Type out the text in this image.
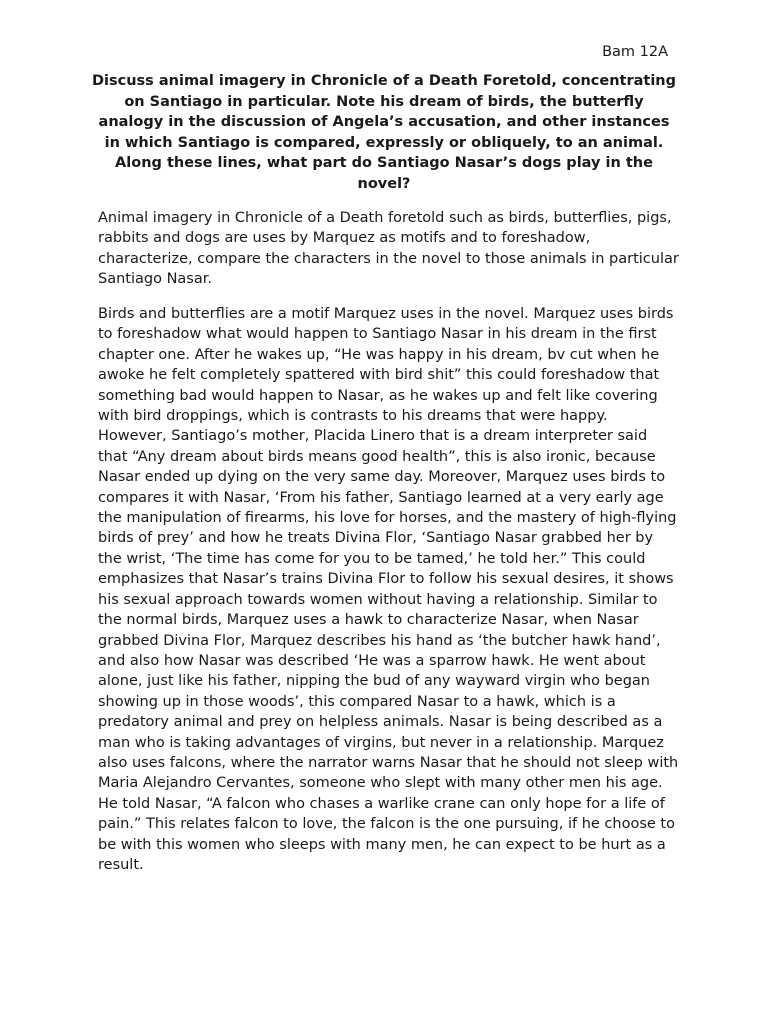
Bam 12A
Discuss animal imagery in Chronicle of a Death Foretold, concentrating on Santiago in particular. Note his dream of birds, the butterfly analogy in the discussion of Angela’s accusation, and other instances in which Santiago is compared, expressly or obliquely, to an animal. Along these lines, what part do Santiago Nasar’s dogs play in the novel?

Animal imagery in Chronicle of a Death foretold such as birds, butterflies, pigs, rabbits and dogs are uses by Marquez as motifs and to foreshadow, characterize, compare the characters in the novel to those animals in particular Santiago Nasar.

Birds and butterflies are a motif Marquez uses in the novel. Marquez uses birds to foreshadow what would happen to Santiago Nasar in his dream in the first chapter one. After he wakes up, “He was happy in his dream, bv cut when he awoke he felt completely spattered with bird shit” this could foreshadow that something bad would happen to Nasar, as he wakes up and felt like covering with bird droppings, which is contrasts to his dreams that were happy. However, Santiago’s mother, Placida Linero that is a dream interpreter said that “Any dream about birds means good health”, this is also ironic, because Nasar ended up dying on the very same day. Moreover, Marquez uses birds to compares it with Nasar, ‘From his father, Santiago learned at a very early age the manipulation of firearms, his love for horses, and the mastery of high-flying birds of prey’ and how he treats Divina Flor, ‘Santiago Nasar grabbed her by the wrist, ‘The time has come for you to be tamed,’ he told her.” This could emphasizes that Nasar’s trains Divina Flor to follow his sexual desires, it shows his sexual approach towards women without having a relationship. Similar to the normal birds, Marquez uses a hawk to characterize Nasar, when Nasar grabbed Divina Flor, Marquez describes his hand as ‘the butcher hawk hand’, and also how Nasar was described ‘He was a sparrow hawk. He went about alone, just like his father, nipping the bud of any wayward virgin who began showing up in those woods’, this compared Nasar to a hawk, which is a predatory animal and prey on helpless animals. Nasar is being described as a man who is taking advantages of virgins, but never in a relationship. Marquez also uses falcons, where the narrator warns Nasar that he should not sleep with Maria Alejandro Cervantes, someone who slept with many other men his age. He told Nasar, “A falcon who chases a warlike crane can only hope for a life of pain.” This relates falcon to love, the falcon is the one pursuing, if he choose to be with this women who sleeps with many men, he can expect to be hurt as a result.
